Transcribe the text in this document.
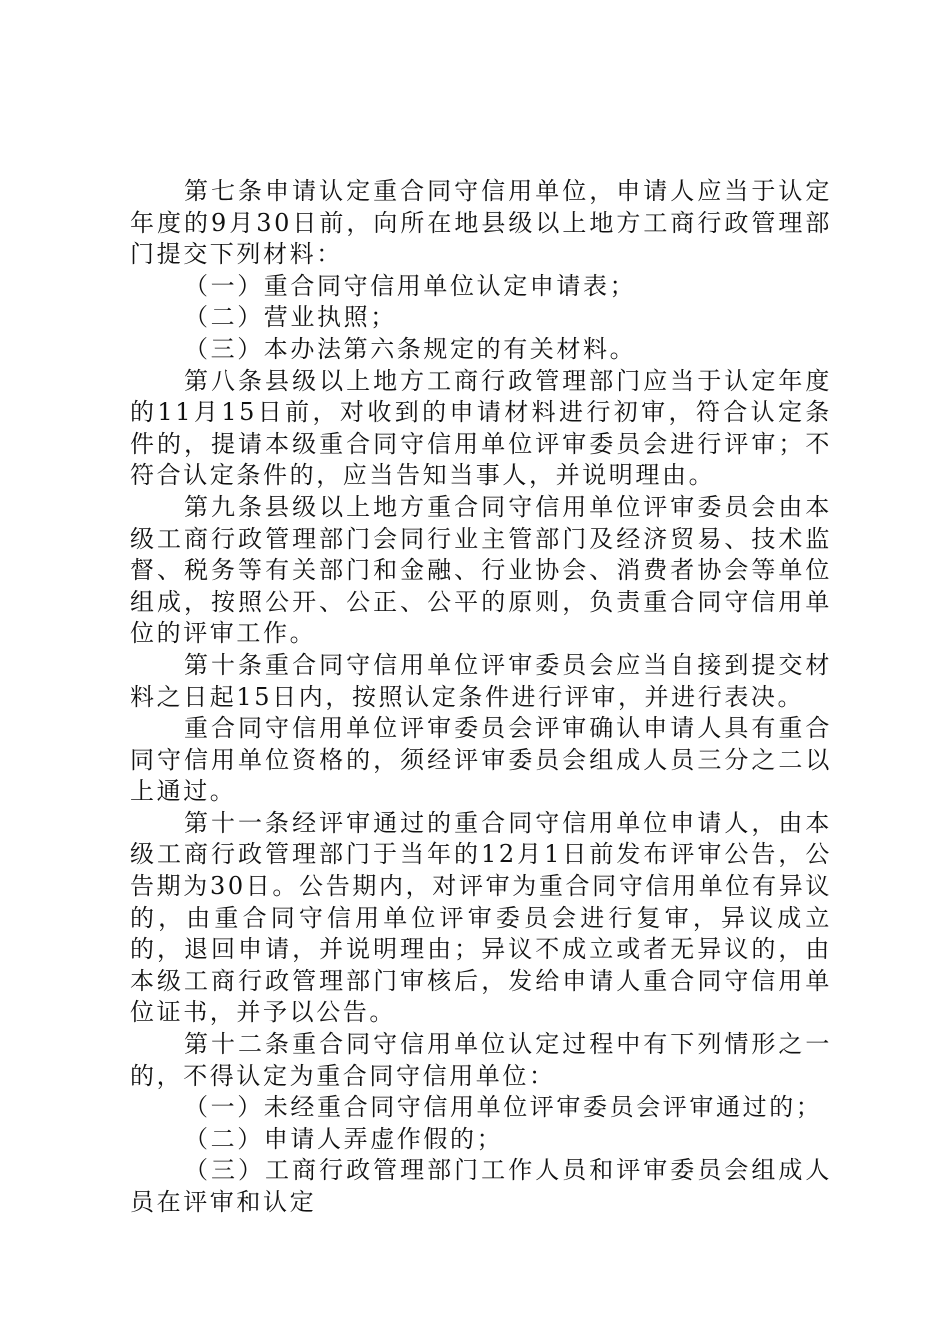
第七条申请认定重合同守信用单位，申请人应当于认定年度的9月30日前，向所在地县级以上地方工商行政管理部门提交下列材料：

（一）重合同守信用单位认定申请表；

（二）营业执照；

（三）本办法第六条规定的有关材料。

第八条县级以上地方工商行政管理部门应当于认定年度的11月15日前，对收到的申请材料进行初审，符合认定条件的，提请本级重合同守信用单位评审委员会进行评审；不符合认定条件的，应当告知当事人，并说明理由。

第九条县级以上地方重合同守信用单位评审委员会由本级工商行政管理部门会同行业主管部门及经济贸易、技术监督、税务等有关部门和金融、行业协会、消费者协会等单位组成，按照公开、公正、公平的原则，负责重合同守信用单位的评审工作。

第十条重合同守信用单位评审委员会应当自接到提交材料之日起15日内，按照认定条件进行评审，并进行表决。

重合同守信用单位评审委员会评审确认申请人具有重合同守信用单位资格的，须经评审委员会组成人员三分之二以上通过。

第十一条经评审通过的重合同守信用单位申请人，由本级工商行政管理部门于当年的12月1日前发布评审公告，公告期为30日。公告期内，对评审为重合同守信用单位有异议的，由重合同守信用单位评审委员会进行复审，异议成立的，退回申请，并说明理由；异议不成立或者无异议的，由本级工商行政管理部门审核后，发给申请人重合同守信用单位证书，并予以公告。

第十二条重合同守信用单位认定过程中有下列情形之一的，不得认定为重合同守信用单位：

（一）未经重合同守信用单位评审委员会评审通过的；

（二）申请人弄虚作假的；

（三）工商行政管理部门工作人员和评审委员会组成人员在评审和认定
